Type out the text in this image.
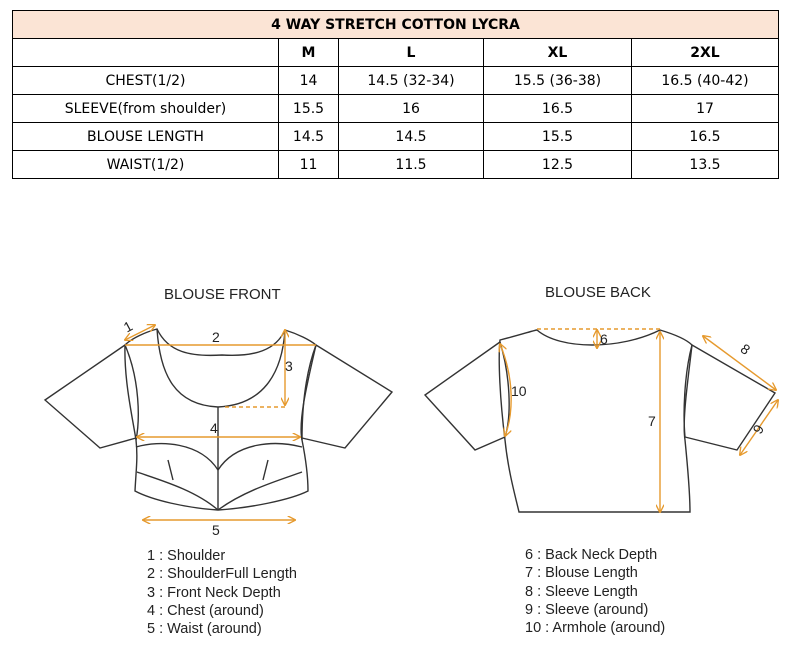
4 WAY STRETCH COTTON LYCRA				
	M	L	XL	2XL
CHEST(1/2)	14	14.5 (32-34)	15.5 (36-38)	16.5 (40-42)
SLEEVE(from shoulder)	15.5	16	16.5	17
BLOUSE LENGTH	14.5	14.5	15.5	16.5
WAIST(1/2)	11	11.5	12.5	13.5
BLOUSE FRONT	BLOUSE BACK
1
2
3
4
5
6
7
8
9
10
1 : Shoulder
2 : ShoulderFull Length
3 : Front Neck Depth
4 : Chest (around)
5 : Waist (around)
6 : Back Neck Depth
7 : Blouse Length
8 : Sleeve Length
9 : Sleeve (around)
10 : Armhole (around)
